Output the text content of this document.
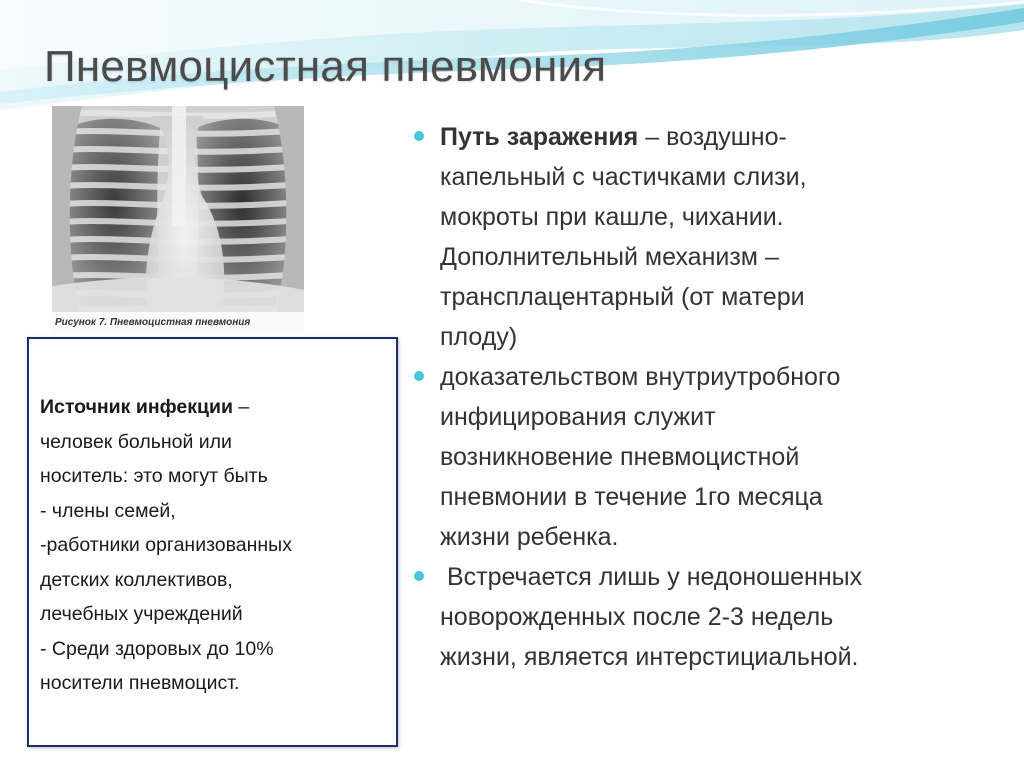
Пневмоцистная пневмония
Рисунок 7. Пневмоцистная пневмония
Источник инфекции –
человек больной или
носитель: это могут быть
- члены семей,
-работники организованных
детских коллективов,
лечебных учреждений
- Среди здоровых до 10%
носители пневмоцист.
Путь заражения – воздушно-
капельный с частичками слизи,
мокроты при кашле, чихании.
Дополнительный механизм –
трансплацентарный (от матери
плоду)
доказательством внутриутробного
инфицирования служит
возникновение пневмоцистной
пневмонии в течение 1го месяца
жизни ребенка.
Встречается лишь у недоношенных
новорожденных после 2-3 недель
жизни, является интерстициальной.
